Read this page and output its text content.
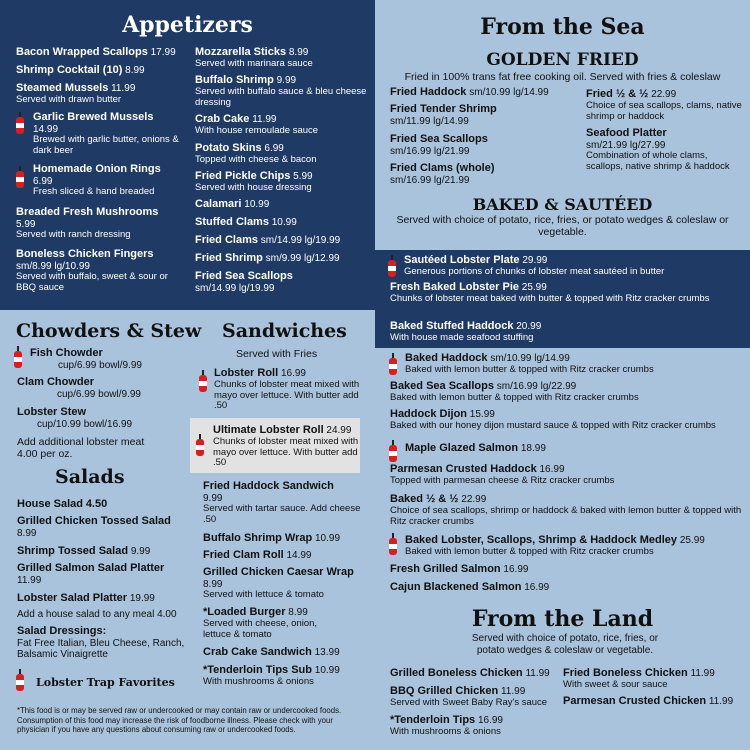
Appetizers
Bacon Wrapped Scallops 17.99
Shrimp Cocktail (10) 8.99
Steamed Mussels 11.99
Served with drawn butter
Garlic Brewed Mussels
14.99
Brewed with garlic butter, onions & dark beer
Homemade Onion Rings
6.99
Fresh sliced & hand breaded
Breaded Fresh Mushrooms
5.99
Served with ranch dressing
Boneless Chicken Fingers
sm/8.99 lg/10.99
Served with buffalo, sweet & sour or BBQ sauce
Mozzarella Sticks 8.99
Served with marinara sauce
Buffalo Shrimp 9.99
Served with buffalo sauce & bleu cheese dressing
Crab Cake 11.99
With house remoulade sauce
Potato Skins 6.99
Topped with cheese & bacon
Fried Pickle Chips 5.99
Served with house dressing
Calamari 10.99
Stuffed Clams 10.99
Fried Clams sm/14.99 lg/19.99
Fried Shrimp sm/9.99 lg/12.99
Fried Sea Scallops
sm/14.99 lg/19.99
Chowders & Stew
Fish Chowder
cup/6.99 bowl/9.99
Clam Chowder
cup/6.99 bowl/9.99
Lobster Stew
cup/10.99 bowl/16.99
Add additional lobster meat 4.00 per oz.
Salads
House Salad 4.50
Grilled Chicken Tossed Salad
8.99
Shrimp Tossed Salad 9.99
Grilled Salmon Salad Platter
11.99
Lobster Salad Platter 19.99
Add a house salad to any meal 4.00
Salad Dressings:
Fat Free Italian, Bleu Cheese, Ranch, Balsamic Vinaigrette
Lobster Trap Favorites
*This food is or may be served raw or undercooked or may contain raw or undercooked foods. Consumption of this food may increase the risk of foodborne illness. Please check with your physician if you have any questions about consuming raw or undercooked foods.
Sandwiches
Served with Fries
Lobster Roll 16.99
Chunks of lobster meat mixed with mayo over lettuce. With butter add .50
Ultimate Lobster Roll 24.99
Chunks of lobster meat mixed with mayo over lettuce. With butter add .50
Fried Haddock Sandwich
9.99
Served with tartar sauce. Add cheese .50
Buffalo Shrimp Wrap 10.99
Fried Clam Roll 14.99
Grilled Chicken Caesar Wrap
8.99
Served with lettuce & tomato
*Loaded Burger 8.99
Served with cheese, onion, lettuce & tomato
Crab Cake Sandwich 13.99
*Tenderloin Tips Sub 10.99
With mushrooms & onions
From the Sea
GOLDEN FRIED
Fried in 100% trans fat free cooking oil. Served with fries & coleslaw
Fried Haddock sm/10.99 lg/14.99
Fried Tender Shrimp
sm/11.99 lg/14.99
Fried Sea Scallops
sm/16.99 lg/21.99
Fried Clams (whole)
sm/16.99 lg/21.99
Fried ½ & ½ 22.99
Choice of sea scallops, clams, native shrimp or haddock
Seafood Platter
sm/21.99 lg/27.99
Combination of whole clams, scallops, native shrimp & haddock
BAKED & SAUTÉED
Served with choice of potato, rice, fries, or potato wedges & coleslaw or vegetable.
Sautéed Lobster Plate 29.99
Generous portions of chunks of lobster meat sautéed in butter
Fresh Baked Lobster Pie 25.99
Chunks of lobster meat baked with butter & topped with Ritz cracker crumbs
Baked Stuffed Haddock 20.99
With house made seafood stuffing
Baked Haddock sm/10.99 lg/14.99
Baked with lemon butter & topped with Ritz cracker crumbs
Baked Sea Scallops sm/16.99 lg/22.99
Baked with lemon butter & topped with Ritz cracker crumbs
Haddock Dijon 15.99
Baked with our honey dijon mustard sauce & topped with Ritz cracker crumbs
Maple Glazed Salmon 18.99
Parmesan Crusted Haddock 16.99
Topped with parmesan cheese & Ritz cracker crumbs
Baked ½ & ½ 22.99
Choice of sea scallops, shrimp or haddock & baked with lemon butter & topped with Ritz cracker crumbs
Baked Lobster, Scallops, Shrimp & Haddock Medley 25.99
Baked with lemon butter & topped with Ritz cracker crumbs
Fresh Grilled Salmon 16.99
Cajun Blackened Salmon 16.99
From the Land
Served with choice of potato, rice, fries, or potato wedges & coleslaw or vegetable.
Grilled Boneless Chicken 11.99
BBQ Grilled Chicken 11.99
Served with Sweet Baby Ray's sauce
*Tenderloin Tips 16.99
With mushrooms & onions
Fried Boneless Chicken 11.99
With sweet & sour sauce
Parmesan Crusted Chicken 11.99
